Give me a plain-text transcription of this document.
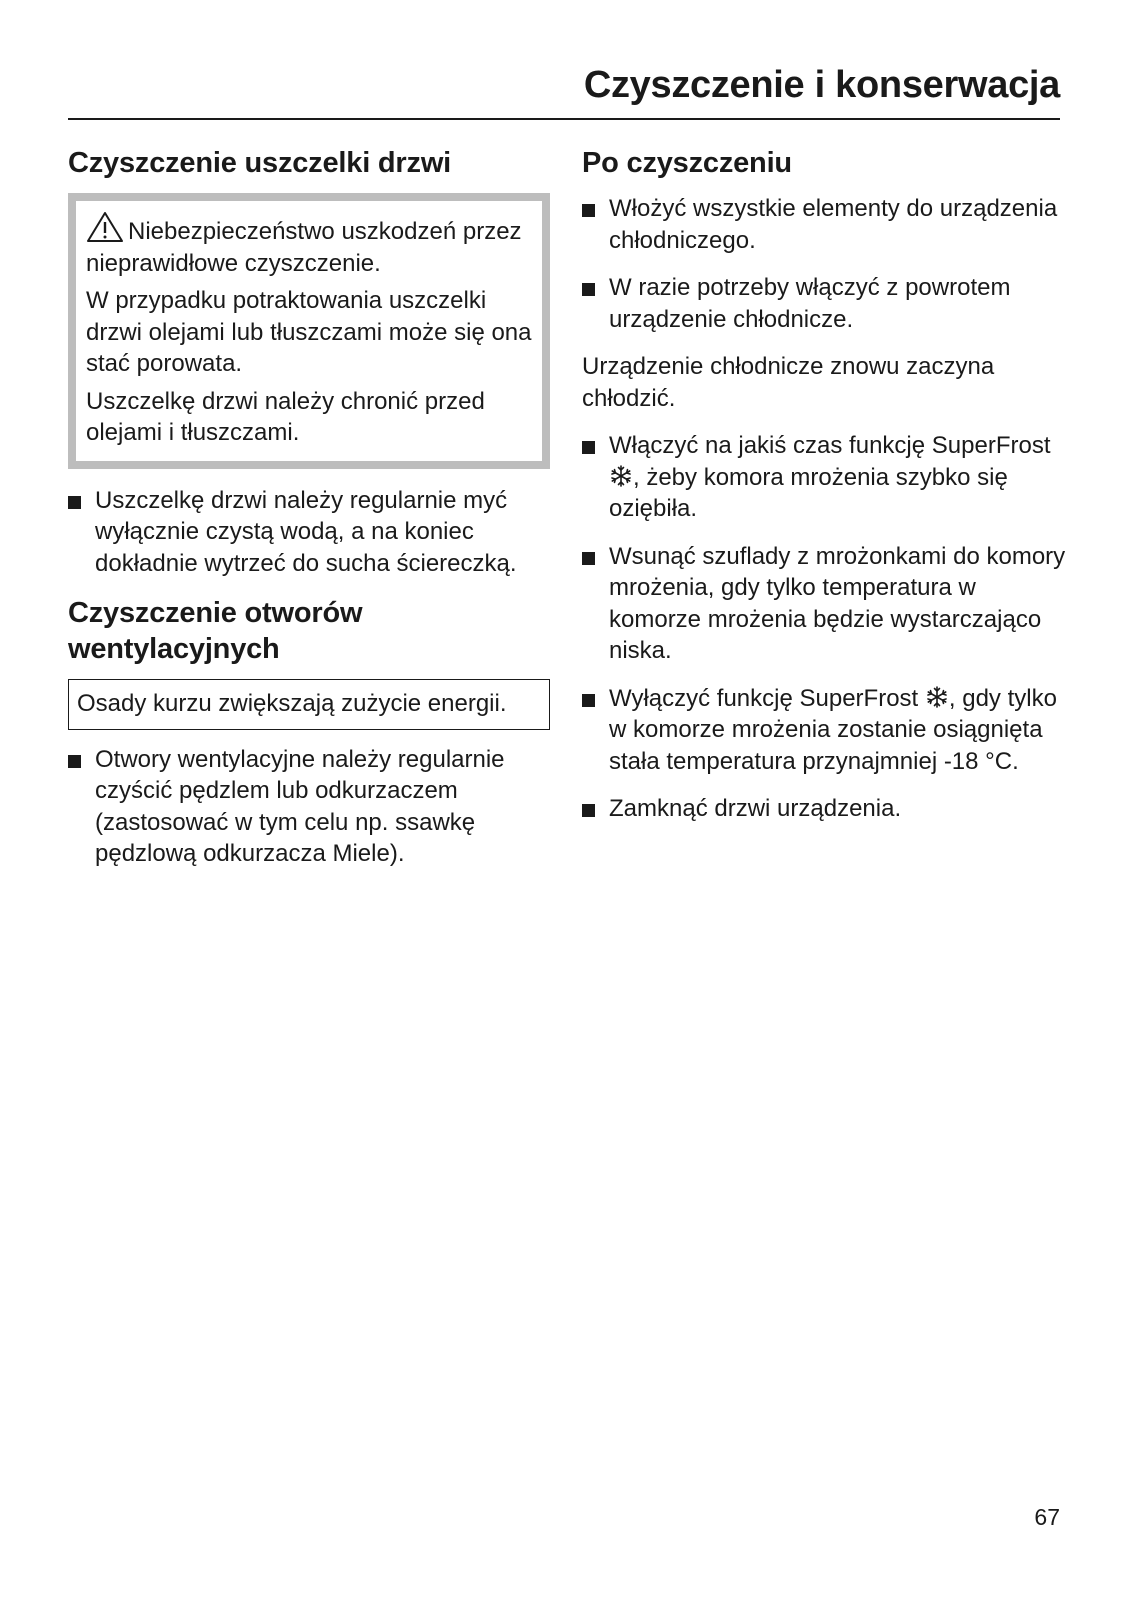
Czyszczenie i konserwacja
Czyszczenie uszczelki drzwi
Niebezpieczeństwo uszkodzeń przez nieprawidłowe czyszczenie.
W przypadku potraktowania uszczelki drzwi olejami lub tłuszczami może się ona stać porowata.
Uszczelkę drzwi należy chronić przed olejami i tłuszczami.
Uszczelkę drzwi należy regularnie myć wyłącznie czystą wodą, a na koniec dokładnie wytrzeć do sucha ściereczką.
Czyszczenie otworów wentylacyjnych
Osady kurzu zwiększają zużycie energii.
Otwory wentylacyjne należy regularnie czyścić pędzlem lub odkurzaczem (zastosować w tym celu np. ssawkę pędzlową odkurzacza Miele).
Po czyszczeniu
Włożyć wszystkie elementy do urządzenia chłodniczego.
W razie potrzeby włączyć z powrotem urządzenie chłodnicze.
Urządzenie chłodnicze znowu zaczyna chłodzić.
Włączyć na jakiś czas funkcję SuperFrost , żeby komora mrożenia szybko się oziębiła.
Wsunąć szuflady z mrożonkami do komory mrożenia, gdy tylko temperatura w komorze mrożenia będzie wystarczająco niska.
Wyłączyć funkcję SuperFrost , gdy tylko w komorze mrożenia zostanie osiągnięta stała temperatura przynajmniej -18 °C.
Zamknąć drzwi urządzenia.
67
